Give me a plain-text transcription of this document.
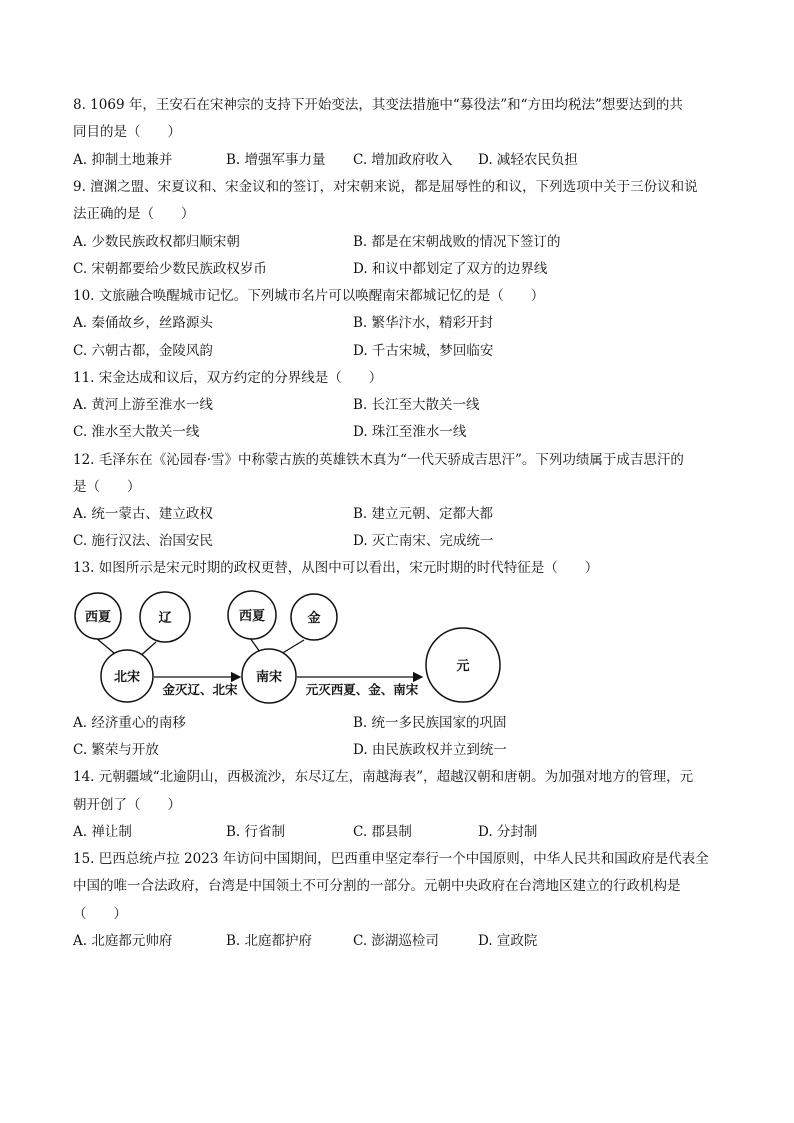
8. 1069 年，王安石在宋神宗的支持下开始变法，其变法措施中“募役法”和“方田均税法”想要达到的共
同目的是（　　）
A. 抑制土地兼并	B. 增强军事力量 C. 增加政府收入 D. 减轻农民负担
9. 澶渊之盟、宋夏议和、宋金议和的签订，对宋朝来说，都是屈辱性的和议，下列选项中关于三份议和说
法正确的是（　　）
A. 少数民族政权都归顺宋朝	B. 都是在宋朝战败的情况下签订的
C. 宋朝都要给少数民族政权岁币	D. 和议中都划定了双方的边界线
10. 文旅融合唤醒城市记忆。下列城市名片可以唤醒南宋都城记忆的是（　　）
A. 秦俑故乡，丝路源头	B. 繁华汴水，精彩开封
C. 六朝古都，金陵风韵	D. 千古宋城，梦回临安
11. 宋金达成和议后，双方约定的分界线是（　　）
A. 黄河上游至淮水一线	B. 长江至大散关一线
C. 淮水至大散关一线	D. 珠江至淮水一线
12. 毛泽东在《沁园春·雪》中称蒙古族的英雄铁木真为“一代天骄成吉思汗”。下列功绩属于成吉思汗的
是（　　）
A. 统一蒙古、建立政权	B. 建立元朝、定都大都
C. 施行汉法、治国安民	D. 灭亡南宋、完成统一
13. 如图所示是宋元时期的政权更替，从图中可以看出，宋元时期的时代特征是（　　）
西夏	辽
北宋
西夏	金
南宋
元
金灭辽、北宋	元灭西夏、金、南宋
A. 经济重心的南移	B. 统一多民族国家的巩固
C. 繁荣与开放	D. 由民族政权并立到统一
14. 元朝疆域“北逾阴山，西极流沙，东尽辽左，南越海表”，超越汉朝和唐朝。为加强对地方的管理，元
朝开创了（　　）
A. 禅让制	B. 行省制	C. 郡县制	D. 分封制
15. 巴西总统卢拉 2023 年访问中国期间，巴西重申坚定奉行一个中国原则，中华人民共和国政府是代表全
中国的唯一合法政府，台湾是中国领土不可分割的一部分。元朝中央政府在台湾地区建立的行政机构是
（　　）
A. 北庭都元帅府	B. 北庭都护府	C. 澎湖巡检司	D. 宣政院
